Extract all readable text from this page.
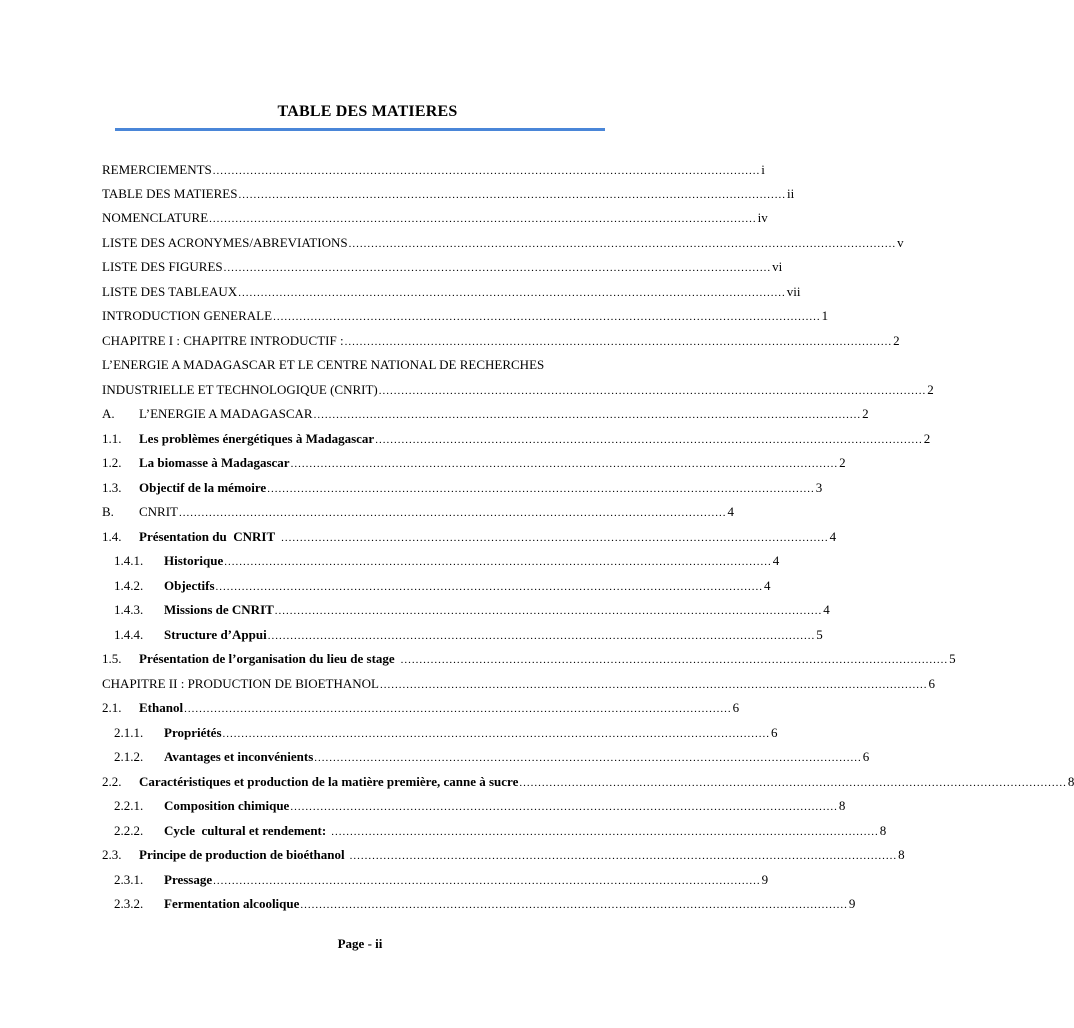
TABLE DES MATIERES
REMERCIEMENTS .................................................................................................................................................. i
TABLE DES MATIERES .................................................................................................................................................. ii
NOMENCLATURE .................................................................................................................................................. iv
LISTE DES ACRONYMES/ABREVIATIONS .................................................................................................................................................. v
LISTE DES FIGURES .................................................................................................................................................. vi
LISTE DES TABLEAUX .................................................................................................................................................. vii
INTRODUCTION GENERALE .................................................................................................................................................. 1
CHAPITRE I : CHAPITRE INTRODUCTIF : .................................................................................................................................................. 2
L’ENERGIE A MADAGASCAR ET LE CENTRE NATIONAL DE RECHERCHES
INDUSTRIELLE ET TECHNOLOGIQUE (CNRIT) .................................................................................................................................................. 2
A.	L’ENERGIE A MADAGASCAR .................................................................................................................................................. 2
1.1.	Les problèmes énergétiques à Madagascar .................................................................................................................................................. 2
1.2.	La biomasse à Madagascar .................................................................................................................................................. 2
1.3.	Objectif de la mémoire .................................................................................................................................................. 3
B.	CNRIT .................................................................................................................................................. 4
1.4.	Présentation du  CNRIT .................................................................................................................................................. 4
1.4.1.	Historique .................................................................................................................................................. 4
1.4.2.	Objectifs .................................................................................................................................................. 4
1.4.3.	Missions de CNRIT .................................................................................................................................................. 4
1.4.4.	Structure d’Appui .................................................................................................................................................. 5
1.5.	Présentation de l’organisation du lieu de stage .................................................................................................................................................. 5
CHAPITRE II : PRODUCTION DE BIOETHANOL .................................................................................................................................................. 6
2.1.	Ethanol .................................................................................................................................................. 6
2.1.1.	Propriétés .................................................................................................................................................. 6
2.1.2.	Avantages et inconvénients .................................................................................................................................................. 6
2.2.	Caractéristiques et production de la matière première, canne à sucre .................................................................................................................................................. 8
2.2.1.	Composition chimique .................................................................................................................................................. 8
2.2.2.	Cycle  cultural et rendement: .................................................................................................................................................. 8
2.3.	Principe de production de bioéthanol .................................................................................................................................................. 8
2.3.1.	Pressage .................................................................................................................................................. 9
2.3.2.	Fermentation alcoolique .................................................................................................................................................. 9
Page - ii
